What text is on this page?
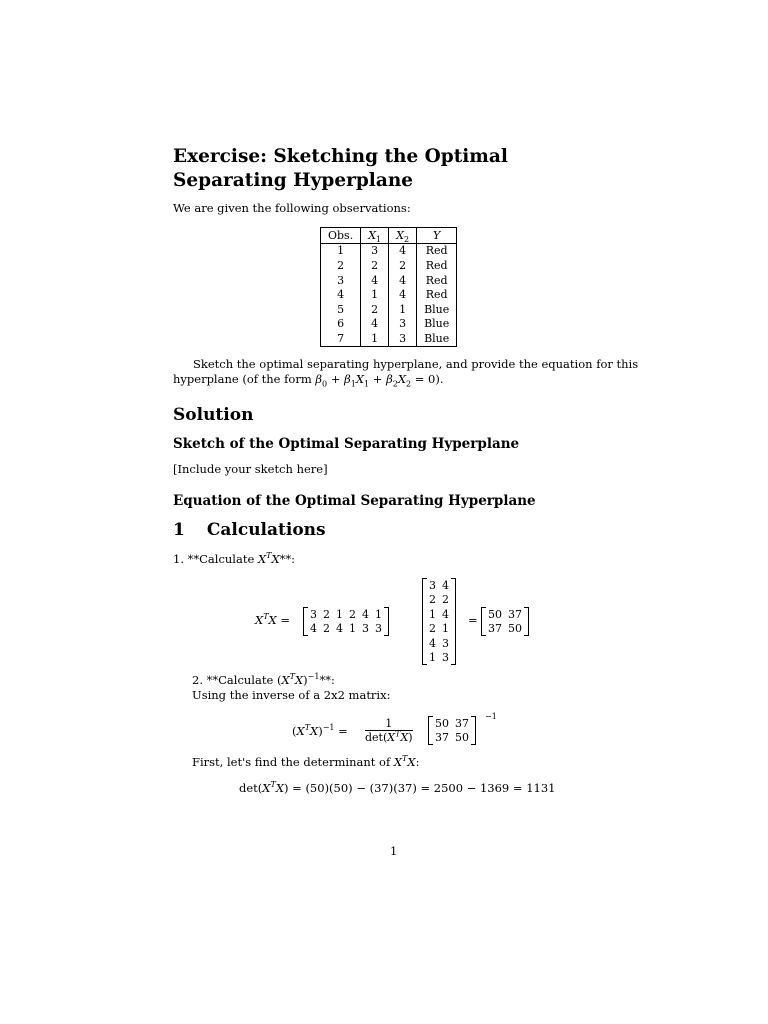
Exercise: Sketching the Optimal Separating Hyperplane
We are given the following observations:
Obs.	$X_1$	$X_2$	Y
1	3	4	Red
2	2	2	Red
3	4	4	Red
4	1	4	Red
5	2	1	Blue
6	4	3	Blue
7	1	3	Blue
Sketch the optimal separating hyperplane, and provide the equation for this
hyperplane (of the form $\beta_0 + \beta_1X_1 + \beta_2X_2 = 0$).
Solution
Sketch of the Optimal Separating Hyperplane
[Include your sketch here]
Equation of the Optimal Separating Hyperplane
1 Calculations
1. **Calculate $X^TX**$:
$X^TX = 3$	2	1	2	4	1
4	2	4	1	3	3
3	4
2	2
1	4
2	1
4	3
1	3
= 50	37
37	50
2. **Calculate $(X^TX)^{-1}**$:
Using the inverse of a 2x2 matrix:
$(X^TX)^{-1}$ =
1
$\det(X^TX)$
50	37
37	50
−1
First, let's find the determinant of $X^TX$:
$\det(X^TX) = (50)(50) - (37)(37) = 2500 - 1369 = 1131$
1
